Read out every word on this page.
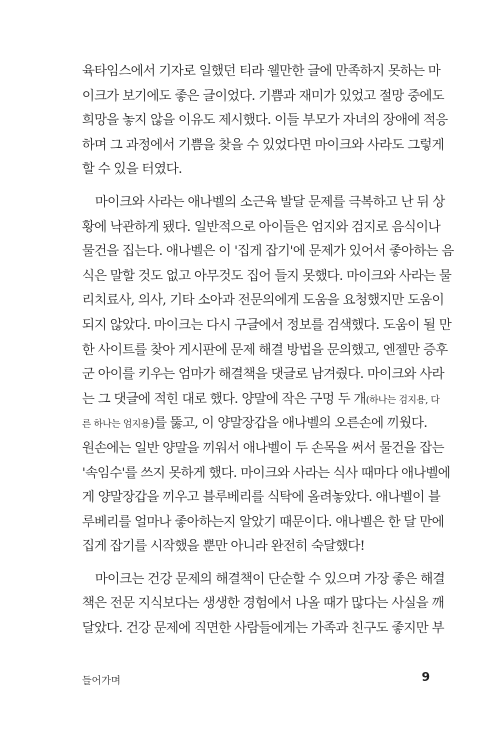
육타임스에서 기자로 일했던 티라 웰만한 글에 만족하지 못하는 마
이크가 보기에도 좋은 글이었다. 기쁨과 재미가 있었고 절망 중에도
희망을 놓지 않을 이유도 제시했다. 이들 부모가 자녀의 장애에 적응
하며 그 과정에서 기쁨을 찾을 수 있었다면 마이크와 사라도 그렇게
할 수 있을 터였다.
마이크와 사라는 애나벨의 소근육 발달 문제를 극복하고 난 뒤 상
황에 낙관하게 됐다. 일반적으로 아이들은 엄지와 검지로 음식이나
물건을 집는다. 애나벨은 이 '집게 잡기'에 문제가 있어서 좋아하는 음
식은 말할 것도 없고 아무것도 집어 들지 못했다. 마이크와 사라는 물
리치료사, 의사, 기타 소아과 전문의에게 도움을 요청했지만 도움이
되지 않았다. 마이크는 다시 구글에서 정보를 검색했다. 도움이 될 만
한 사이트를 찾아 게시판에 문제 해결 방법을 문의했고, 엔젤만 증후
군 아이를 키우는 엄마가 해결책을 댓글로 남겨줬다. 마이크와 사라
는 그 댓글에 적힌 대로 했다. 양말에 작은 구멍 두 개(하나는 검지용, 다
른 하나는 엄지용)를 뚫고, 이 양말장갑을 애나벨의 오른손에 끼웠다.
원손에는 일반 양말을 끼워서 애나벨이 두 손목을 써서 물건을 잡는
'속임수'를 쓰지 못하게 했다. 마이크와 사라는 식사 때마다 애나벨에
게 양말장갑을 끼우고 블루베리를 식탁에 올려놓았다. 애나벨이 블
루베리를 얼마나 좋아하는지 알았기 때문이다. 애나벨은 한 달 만에
집게 잡기를 시작했을 뿐만 아니라 완전히 숙달했다!
마이크는 건강 문제의 해결책이 단순할 수 있으며 가장 좋은 해결
책은 전문 지식보다는 생생한 경험에서 나올 때가 많다는 사실을 깨
달았다. 건강 문제에 직면한 사람들에게는 가족과 친구도 좋지만 부
들어가며	9
